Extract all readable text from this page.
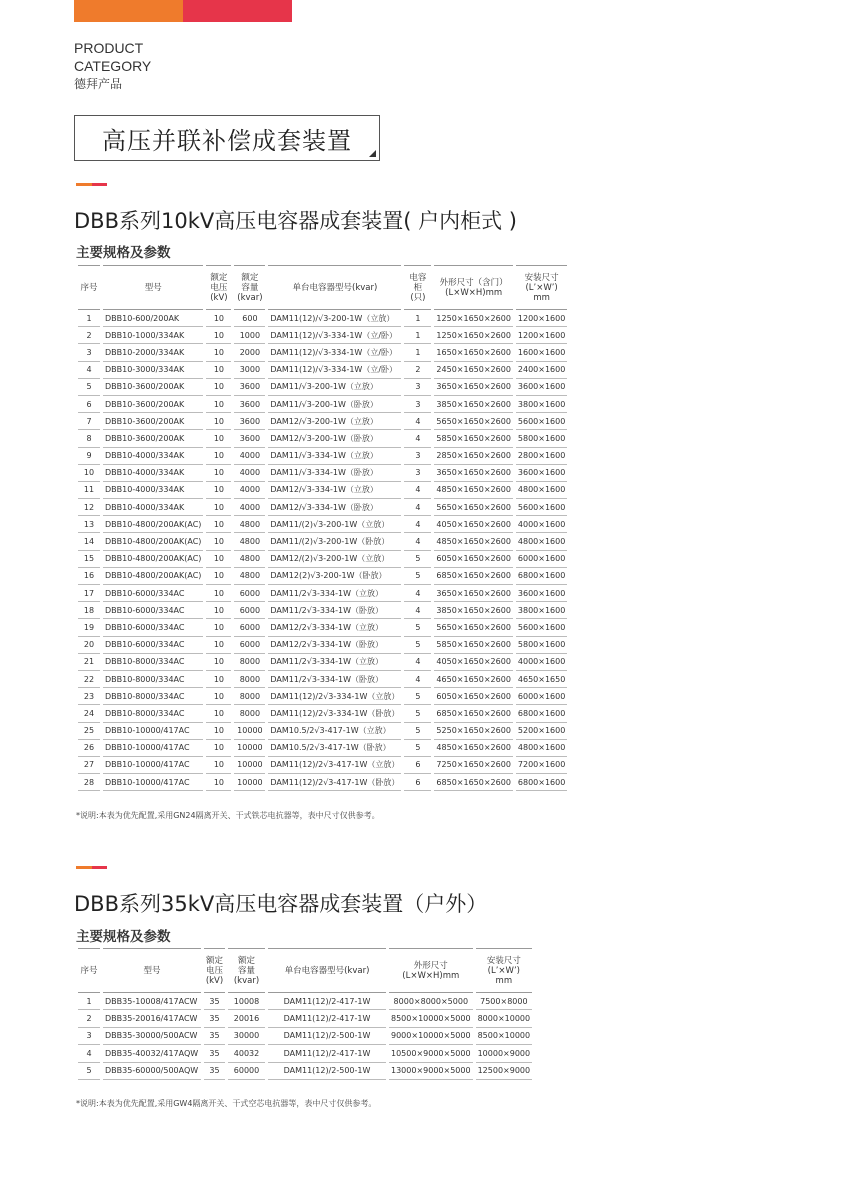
PRODUCT
CATEGORY
德拜产品
高压并联补偿成套装置
DBB系列10kV高压电容器成套装置( 户内柜式 )
主要规格及参数
序号	型号	额定
电压
(kV)	额定
容量
(kvar)	单台电容器型号(kvar)	电容柜
(只)	外形尺寸（含门）
(L×W×H)mm	安装尺寸
(L’×W’)
mm
1	DBB10-600/200AK	10	600	DAM11(12)/√3-200-1W（立放）	1	1250×1650×2600	1200×1600
2	DBB10-1000/334AK	10	1000	DAM11(12)/√3-334-1W（立/卧）	1	1250×1650×2600	1200×1600
3	DBB10-2000/334AK	10	2000	DAM11(12)/√3-334-1W（立/卧）	1	1650×1650×2600	1600×1600
4	DBB10-3000/334AK	10	3000	DAM11(12)/√3-334-1W（立/卧）	2	2450×1650×2600	2400×1600
5	DBB10-3600/200AK	10	3600	DAM11/√3-200-1W（立放）	3	3650×1650×2600	3600×1600
6	DBB10-3600/200AK	10	3600	DAM11/√3-200-1W（卧放）	3	3850×1650×2600	3800×1600
7	DBB10-3600/200AK	10	3600	DAM12/√3-200-1W（立放）	4	5650×1650×2600	5600×1600
8	DBB10-3600/200AK	10	3600	DAM12/√3-200-1W（卧放）	4	5850×1650×2600	5800×1600
9	DBB10-4000/334AK	10	4000	DAM11/√3-334-1W（立放）	3	2850×1650×2600	2800×1600
10	DBB10-4000/334AK	10	4000	DAM11/√3-334-1W（卧放）	3	3650×1650×2600	3600×1600
11	DBB10-4000/334AK	10	4000	DAM12/√3-334-1W（立放）	4	4850×1650×2600	4800×1600
12	DBB10-4000/334AK	10	4000	DAM12/√3-334-1W（卧放）	4	5650×1650×2600	5600×1600
13	DBB10-4800/200AK(AC)	10	4800	DAM11/(2)√3-200-1W（立放）	4	4050×1650×2600	4000×1600
14	DBB10-4800/200AK(AC)	10	4800	DAM11/(2)√3-200-1W（卧放）	4	4850×1650×2600	4800×1600
15	DBB10-4800/200AK(AC)	10	4800	DAM12/(2)√3-200-1W（立放）	5	6050×1650×2600	6000×1600
16	DBB10-4800/200AK(AC)	10	4800	DAM12(2)√3-200-1W（卧放）	5	6850×1650×2600	6800×1600
17	DBB10-6000/334AC	10	6000	DAM11/2√3-334-1W（立放）	4	3650×1650×2600	3600×1600
18	DBB10-6000/334AC	10	6000	DAM11/2√3-334-1W（卧放）	4	3850×1650×2600	3800×1600
19	DBB10-6000/334AC	10	6000	DAM12/2√3-334-1W（立放）	5	5650×1650×2600	5600×1600
20	DBB10-6000/334AC	10	6000	DAM12/2√3-334-1W（卧放）	5	5850×1650×2600	5800×1600
21	DBB10-8000/334AC	10	8000	DAM11/2√3-334-1W（立放）	4	4050×1650×2600	4000×1600
22	DBB10-8000/334AC	10	8000	DAM11/2√3-334-1W（卧放）	4	4650×1650×2600	4650×1650
23	DBB10-8000/334AC	10	8000	DAM11(12)/2√3-334-1W（立放）	5	6050×1650×2600	6000×1600
24	DBB10-8000/334AC	10	8000	DAM11(12)/2√3-334-1W（卧放）	5	6850×1650×2600	6800×1600
25	DBB10-10000/417AC	10	10000	DAM10.5/2√3-417-1W（立放）	5	5250×1650×2600	5200×1600
26	DBB10-10000/417AC	10	10000	DAM10.5/2√3-417-1W（卧放）	5	4850×1650×2600	4800×1600
27	DBB10-10000/417AC	10	10000	DAM11(12)/2√3-417-1W（立放）	6	7250×1650×2600	7200×1600
28	DBB10-10000/417AC	10	10000	DAM11(12)/2√3-417-1W（卧放）	6	6850×1650×2600	6800×1600
*说明:本表为优先配置,采用GN24隔离开关、干式铁芯电抗器等，表中尺寸仅供参考。
DBB系列35kV高压电容器成套装置（户外）
主要规格及参数
序号	型号	额定
电压
(kV)	额定
容量
(kvar)	单台电容器型号(kvar)	外形尺寸
(L×W×H)mm	安装尺寸
(L’×W’)
mm
1	DBB35-10008/417ACW	35	10008	DAM11(12)/2-417-1W	8000×8000×5000	7500×8000
2	DBB35-20016/417ACW	35	20016	DAM11(12)/2-417-1W	8500×10000×5000	8000×10000
3	DBB35-30000/500ACW	35	30000	DAM11(12)/2-500-1W	9000×10000×5000	8500×10000
4	DBB35-40032/417AQW	35	40032	DAM11(12)/2-417-1W	10500×9000×5000	10000×9000
5	DBB35-60000/500AQW	35	60000	DAM11(12)/2-500-1W	13000×9000×5000	12500×9000
*说明:本表为优先配置,采用GW4隔离开关、干式空芯电抗器等，表中尺寸仅供参考。
